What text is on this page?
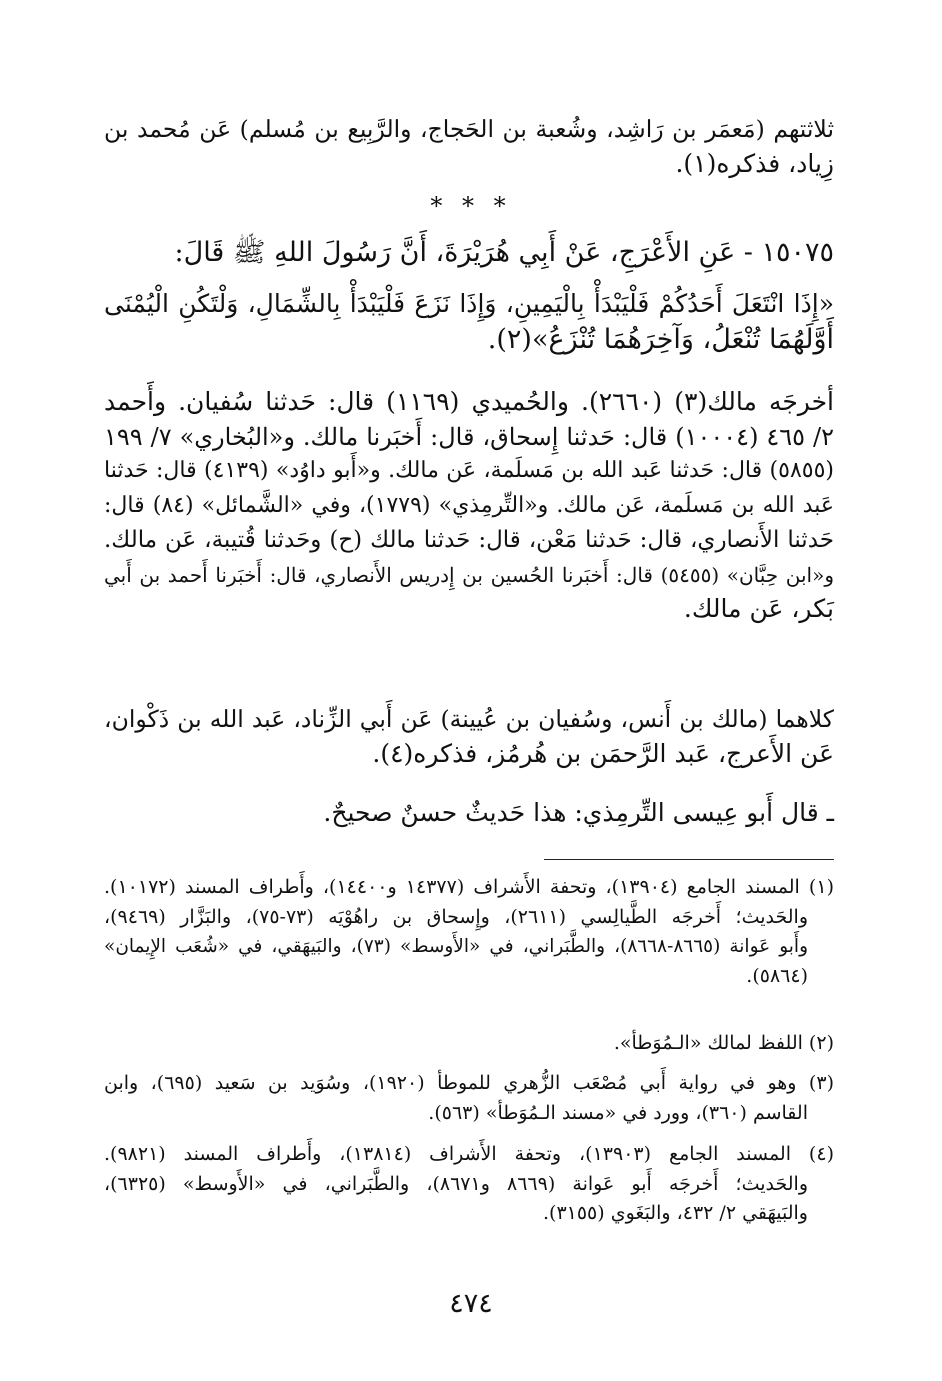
ثلاثتهم (مَعمَر بن رَاشِد، وشُعبة بن الحَجاج، والرَّبِيع بن مُسلم) عَن مُحمد بن
زِياد، فذكره(١).

* * *

١٥٠٧٥ - عَنِ الأَعْرَجِ، عَنْ أَبِي هُرَيْرَةَ، أَنَّ رَسُولَ اللهِ ﷺ قَالَ:
«إِذَا انْتَعَلَ أَحَدُكُمْ فَلْيَبْدَأْ بِالْيَمِينِ، وَإِذَا نَزَعَ فَلْيَبْدَأْ بِالشِّمَالِ، وَلْتَكُنِ الْيُمْنَى
أَوَّلَهُمَا تُنْعَلُ، وَآخِرَهُمَا تُنْزَعُ»(٢).
أخرجَه مالك(٣) (٢٦٦٠). والحُميدي (١١٦٩) قال: حَدثنا سُفيان. وأَحمد
٢/ ٤٦٥ (١٠٠٠٤) قال: حَدثنا إِسحاق، قال: أَخبَرنا مالك. و«البُخاري» ٧/ ١٩٩
(٥٨٥٥) قال: حَدثنا عَبد الله بن مَسلَمة، عَن مالك. و«أَبو داوُد» (٤١٣٩) قال: حَدثنا
عَبد الله بن مَسلَمة، عَن مالك. و«التِّرمِذي» (١٧٧٩)، وفي «الشَّمائل» (٨٤) قال:
حَدثنا الأَنصاري، قال: حَدثنا مَعْن، قال: حَدثنا مالك (ح) وحَدثنا قُتيبة، عَن مالك.
و«ابن حِبَّان» (٥٤٥٥) قال: أَخبَرنا الحُسين بن إِدريس الأَنصاري، قال: أَخبَرنا أَحمد بن أَبي
بَكر، عَن مالك.
كلاهما (مالك بن أَنس، وسُفيان بن عُيينة) عَن أَبي الزِّناد، عَبد الله بن ذَكْوان،
عَن الأَعرج، عَبد الرَّحمَن بن هُرمُز، فذكره(٤).
ـ قال أَبو عِيسى التِّرمِذي: هذا حَديثٌ حسنٌ صحيحٌ.
(١) المسند الجامع (١٣٩٠٤)، وتحفة الأَشراف (١٤٣٧٧ و١٤٤٠٠)، وأَطراف المسند (١٠١٧٢).
والحَديث؛ أَخرجَه الطَّيالِسي (٢٦١١)، وإِسحاق بن راهُوْيَه (٧٣-٧٥)، والبَزَّار (٩٤٦٩)،
وأَبو عَوانة (٨٦٦٥-٨٦٦٨)، والطَّبَراني، في «الأَوسط» (٧٣)، والبَيهَقي، في «شُعَب الإِيمان»
(٥٨٦٤).
(٢) اللفظ لمالك «الـمُوَطأ».
(٣) وهو في رواية أَبي مُصْعَب الزُّهري للموطأ (١٩٢٠)، وسُوَيد بن سَعيد (٦٩٥)، وابن
القاسم (٣٦٠)، وورد في «مسند الـمُوَطأ» (٥٦٣).
(٤) المسند الجامع (١٣٩٠٣)، وتحفة الأَشراف (١٣٨١٤)، وأَطراف المسند (٩٨٢١).
والحَديث؛ أَخرجَه أَبو عَوانة (٨٦٦٩ و٨٦٧١)، والطَّبَراني، في «الأَوسط» (٦٣٢٥)،
والبَيهَقي ٢/ ٤٣٢، والبَغَوي (٣١٥٥).

٤٧٤
